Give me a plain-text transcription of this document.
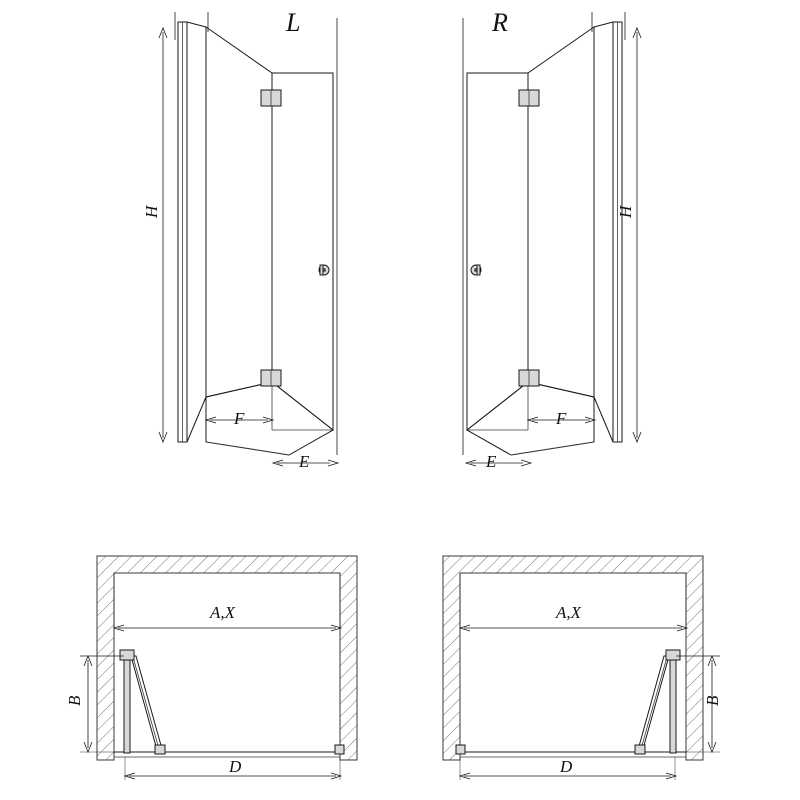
H
F
E
L
H
F
E
R
A,X
B
D
A,X
B
D
